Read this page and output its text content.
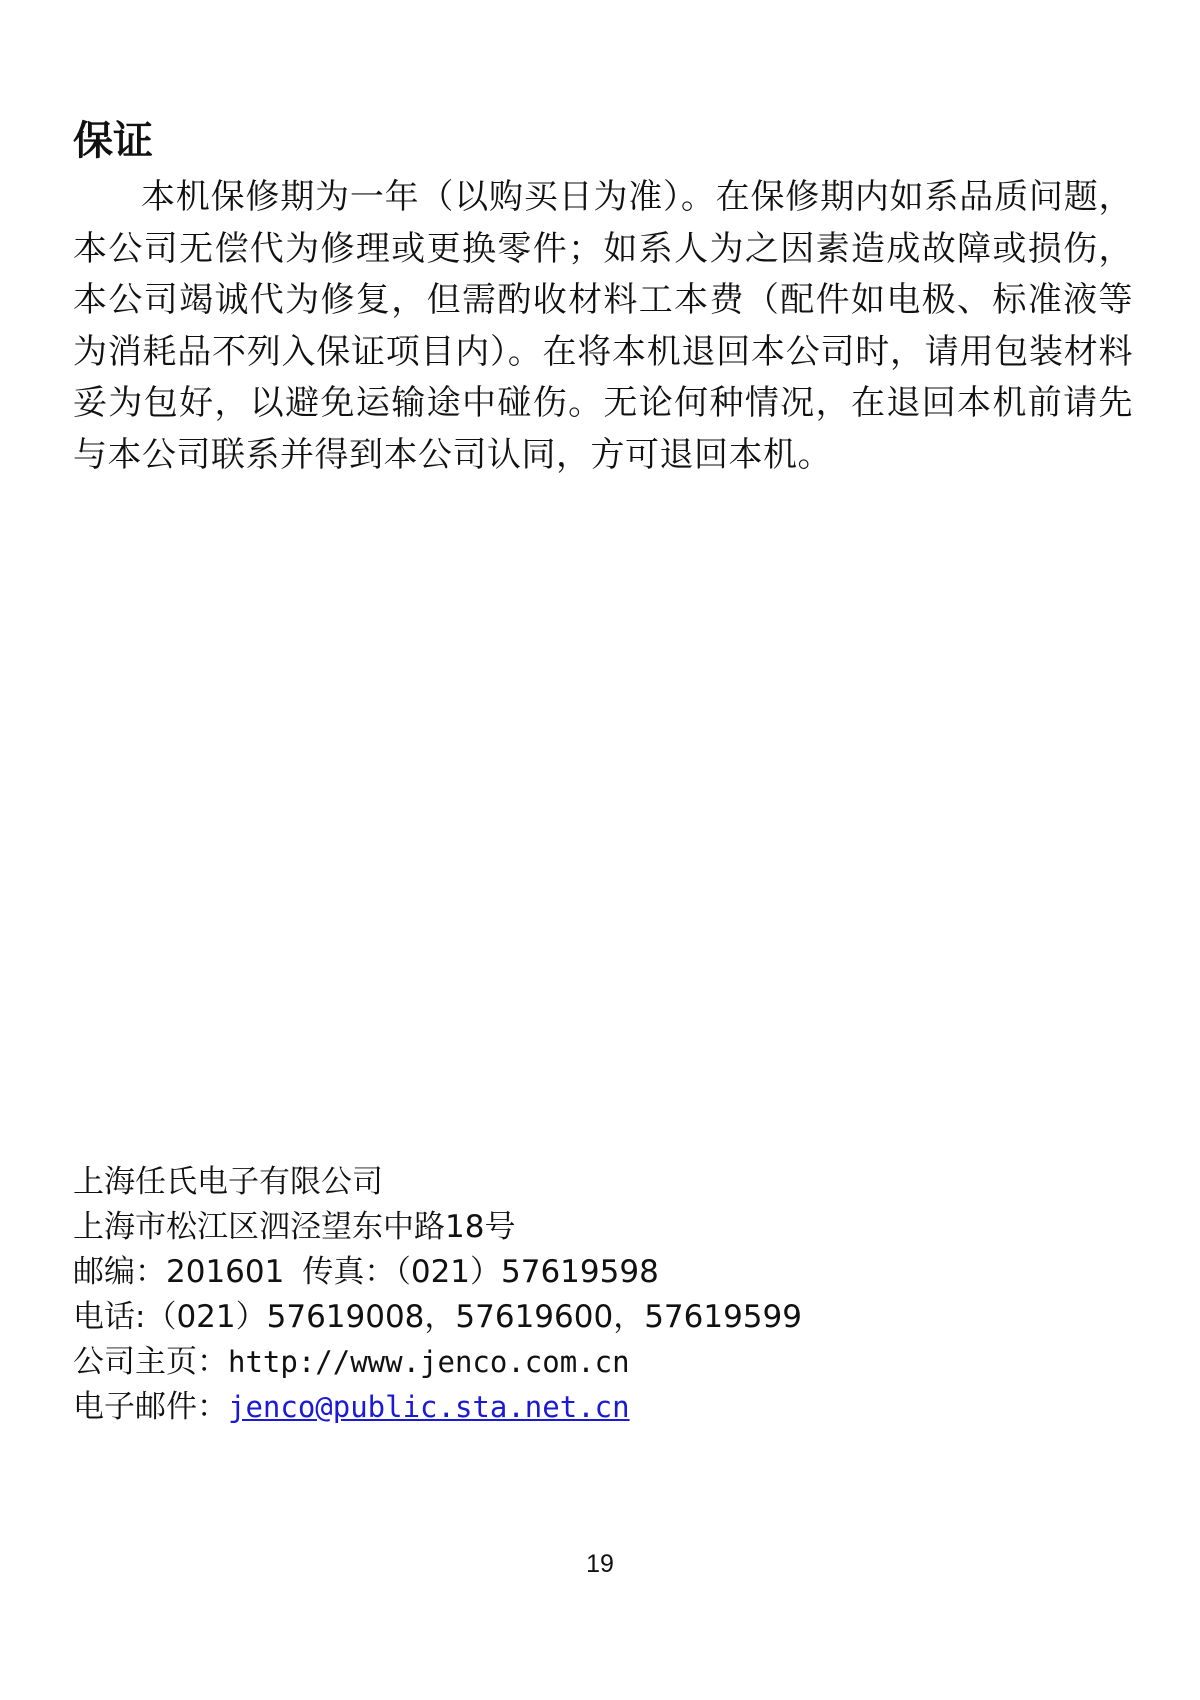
保证

本机保修期为一年（以购买日为准）。在保修期内如系品质问题，本公司无偿代为修理或更换零件；如系人为之因素造成故障或损伤，本公司竭诚代为修复，但需酌收材料工本费（配件如电极、标准液等为消耗品不列入保证项目内）。在将本机退回本公司时，请用包装材料妥为包好，以避免运输途中碰伤。无论何种情况，在退回本机前请先与本公司联系并得到本公司认同，方可退回本机。

上海任氏电子有限公司
上海市松江区泗泾望东中路18号
邮编：201601 传真：（021）57619598
电话:（021）57619008，57619600，57619599
公司主页：http://www.jenco.com.cn
电子邮件：jenco@public.sta.net.cn
19
